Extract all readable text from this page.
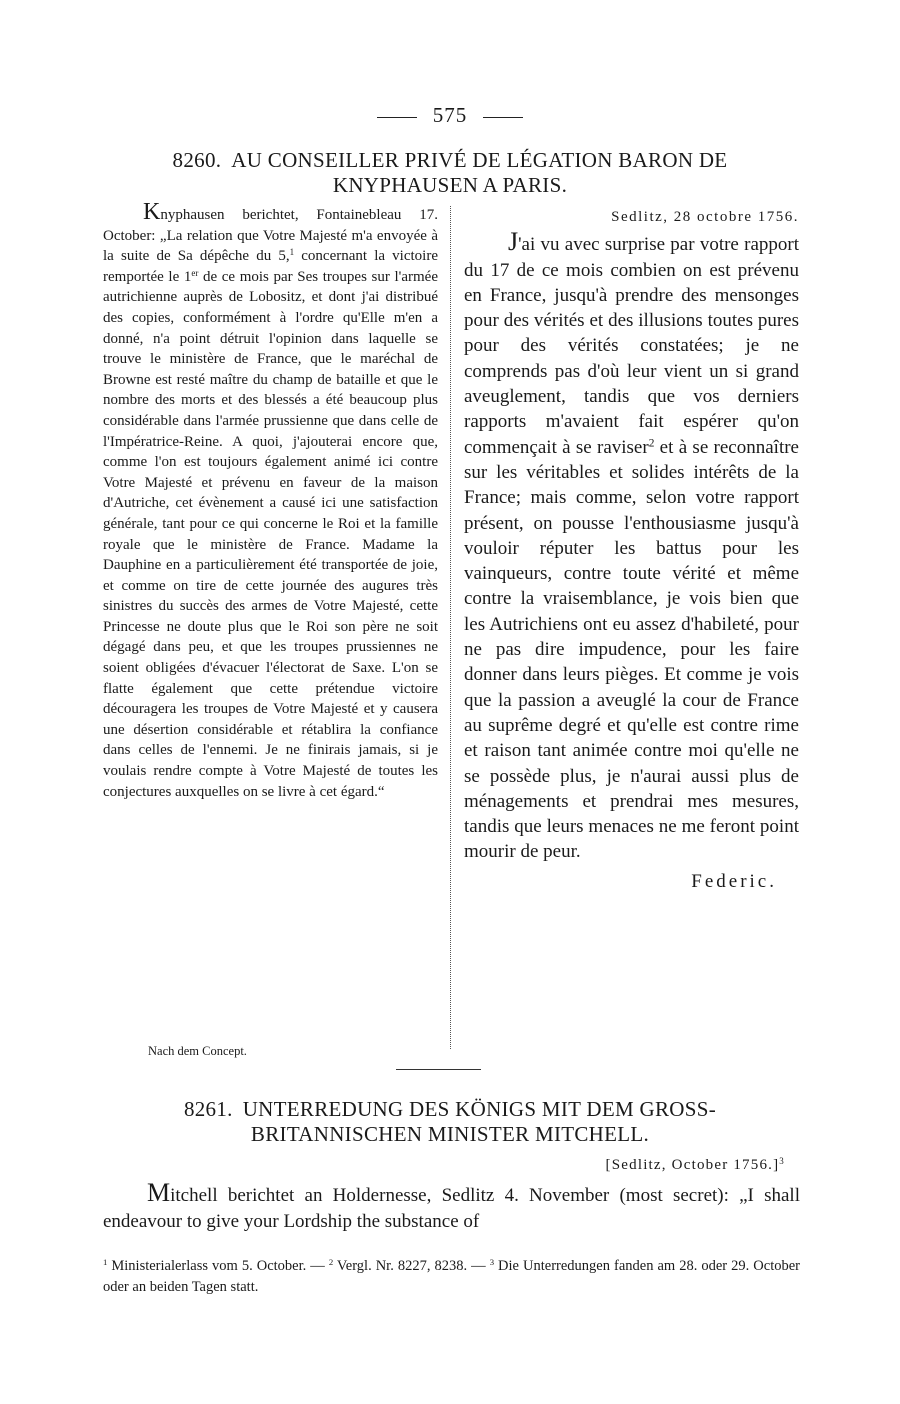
575
8260. AU CONSEILLER PRIVÉ DE LÉGATION BARON DE KNYPHAUSEN A PARIS.

Knyphausen berichtet, Fontainebleau 17. October: „La relation que Votre Majesté m'a envoyée à la suite de Sa dépêche du 5,$^1$ concernant la victoire remportée le 1er de ce mois par Ses troupes sur l'armée autrichienne auprès de Lobositz, et dont j'ai distribué des copies, conformément à l'ordre qu'Elle m'en a donné, n'a point détruit l'opinion dans laquelle se trouve le ministère de France, que le maréchal de Browne est resté maître du champ de bataille et que le nombre des morts et des blessés a été beaucoup plus considérable dans l'armée prussienne que dans celle de l'Impératrice-Reine. A quoi, j'ajouterai encore que, comme l'on est toujours également animé ici contre Votre Majesté et prévenu en faveur de la maison d'Autriche, cet évènement a causé ici une satisfaction générale, tant pour ce qui concerne le Roi et la famille royale que le ministère de France. Madame la Dauphine en a particulièrement été transportée de joie, et comme on tire de cette journée des augures très sinistres du succès des armes de Votre Majesté, cette Princesse ne doute plus que le Roi son père ne soit dégagé dans peu, et que les troupes prussiennes ne soient obligées d'évacuer l'électorat de Saxe. L'on se flatte également que cette prétendue victoire découragera les troupes de Votre Majesté et y causera une désertion considérable et rétablira la confiance dans celles de l'ennemi. Je ne finirais jamais, si je voulais rendre compte à Votre Majesté de toutes les conjectures auxquelles on se livre à cet égard.“

Sedlitz, 28 octobre 1756.

J'ai vu avec surprise par votre rapport du 17 de ce mois combien on est prévenu en France, jusqu'à prendre des mensonges pour des vérités et des illusions toutes pures pour des vérités constatées; je ne comprends pas d'où leur vient un si grand aveuglement, tandis que vos derniers rapports m'avaient fait espérer qu'on commençait à se raviser$^2$ et à se reconnaître sur les véritables et solides intérêts de la France; mais comme, selon votre rapport présent, on pousse l'enthousiasme jusqu'à vouloir réputer les battus pour les vainqueurs, contre toute vérité et même contre la vraisemblance, je vois bien que les Autrichiens ont eu assez d'habileté, pour ne pas dire impudence, pour les faire donner dans leurs pièges. Et comme je vois que la passion a aveuglé la cour de France au suprême degré et qu'elle est contre rime et raison tant animée contre moi qu'elle ne se possède plus, je n'aurai aussi plus de ménagements et prendrai mes mesures, tandis que leurs menaces ne me feront point mourir de peur.

Federic.
Nach dem Concept.
8261. UNTERREDUNG DES KÖNIGS MIT DEM GROSS-BRITANNISCHEN MINISTER MITCHELL.
[Sedlitz, October 1756.]$^3$

Mitchell berichtet an Holdernesse, Sedlitz 4. November (most secret): „I shall endeavour to give your Lordship the substance of

$^1$ Ministerialerlass vom 5. October. — $^2$ Vergl. Nr. 8227, 8238. — $^3$ Die Unterredungen fanden am 28. oder 29. October oder an beiden Tagen statt.
